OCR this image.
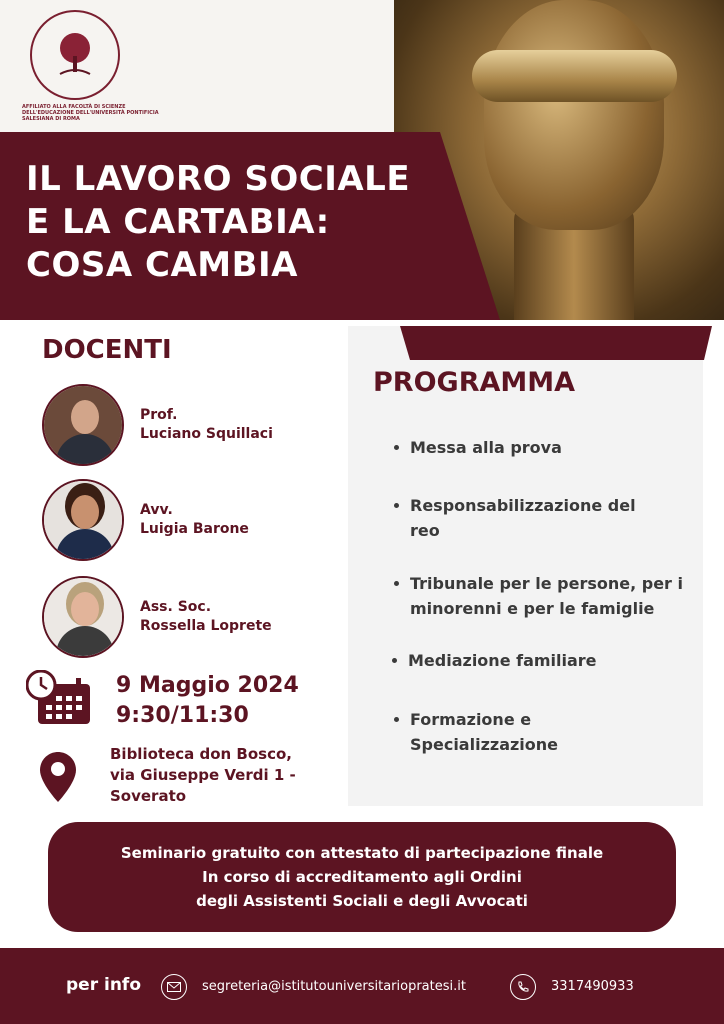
AFFILIATO ALLA FACOLTÀ DI SCIENZE DELL'EDUCAZIONE DELL'UNIVERSITÀ PONTIFICIA SALESIANA DI ROMA
IL LAVORO SOCIALE
E LA CARTABIA:
COSA CAMBIA
DOCENTI
Prof.
Luciano Squillaci
Avv.
Luigia Barone
Ass. Soc.
Rossella Loprete
9 Maggio 2024
9:30/11:30
Biblioteca don Bosco,
via Giuseppe Verdi 1 -
Soverato
PROGRAMMA
Messa alla prova
Responsabilizzazione del
reo
Tribunale per le persone, per i
minorenni e per le famiglie
Mediazione familiare
Formazione e
Specializzazione
Seminario gratuito con attestato di partecipazione finale
In corso di accreditamento agli Ordini
degli Assistenti Sociali e degli Avvocati
per info	segreteria@istitutouniversitariopratesi.it	3317490933
